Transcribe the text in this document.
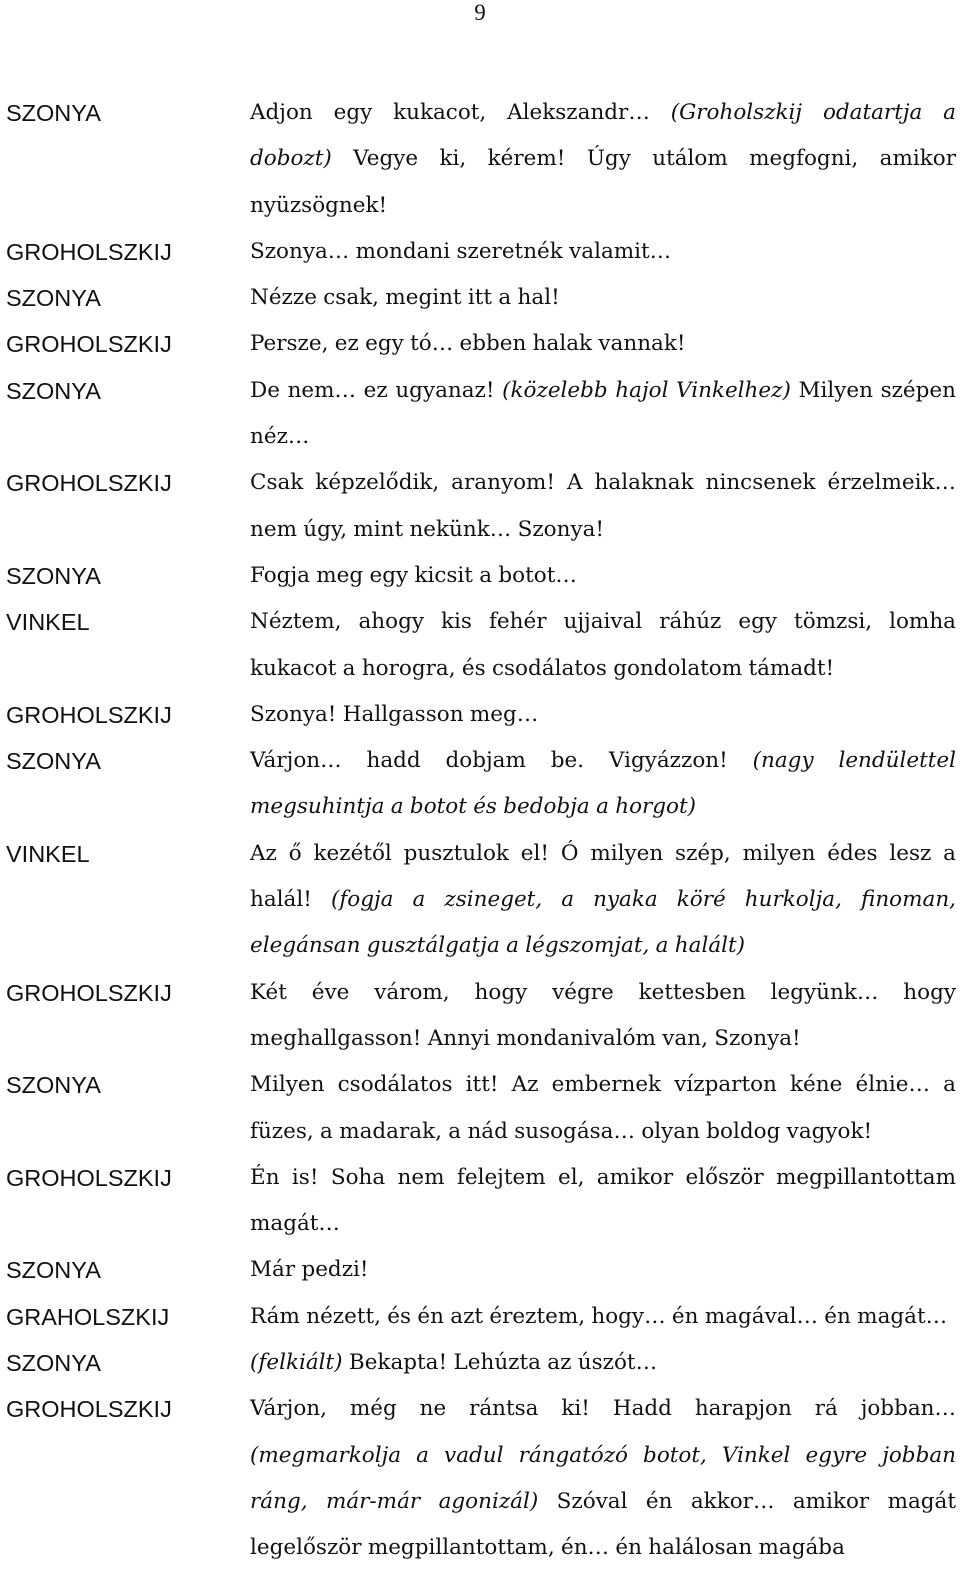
9
SZONYA	Adjon egy kukacot, Alekszandr… (Groholszkij odatartja a dobozt) Vegye ki, kérem! Úgy utálom megfogni, amikor nyüzsögnek!
GROHOLSZKIJ	Szonya… mondani szeretnék valamit…
SZONYA	Nézze csak, megint itt a hal!
GROHOLSZKIJ	Persze, ez egy tó… ebben halak vannak!
SZONYA	De nem… ez ugyanaz! (közelebb hajol Vinkelhez) Milyen szépen néz…
GROHOLSZKIJ	Csak képzelődik, aranyom! A halaknak nincsenek érzelmeik… nem úgy, mint nekünk… Szonya!
SZONYA	Fogja meg egy kicsit a botot…
VINKEL	Néztem, ahogy kis fehér ujjaival ráhúz egy tömzsi, lomha kukacot a horogra, és csodálatos gondolatom támadt!
GROHOLSZKIJ	Szonya! Hallgasson meg…
SZONYA	Várjon… hadd dobjam be. Vigyázzon! (nagy lendülettel megsuhintja a botot és bedobja a horgot)
VINKEL	Az ő kezétől pusztulok el! Ó milyen szép, milyen édes lesz a halál! (fogja a zsineget, a nyaka köré hurkolja, finoman, elegánsan gusztálgatja a légszomjat, a halált)
GROHOLSZKIJ	Két éve várom, hogy végre kettesben legyünk… hogy meghallgasson! Annyi mondanivalóm van, Szonya!
SZONYA	Milyen csodálatos itt! Az embernek vízparton kéne élnie… a füzes, a madarak, a nád susogása… olyan boldog vagyok!
GROHOLSZKIJ	Én is! Soha nem felejtem el, amikor először megpillantottam magát…
SZONYA	Már pedzi!
GRAHOLSZKIJ	Rám nézett, és én azt éreztem, hogy… én magával… én magát…
SZONYA	(felkiált) Bekapta! Lehúzta az úszót…
GROHOLSZKIJ	Várjon, még ne rántsa ki! Hadd harapjon rá jobban… (megmarkolja a vadul rángatózó botot, Vinkel egyre jobban ráng, már-már agonizál) Szóval én akkor… amikor magát legelőször megpillantottam, én… én halálosan magába
